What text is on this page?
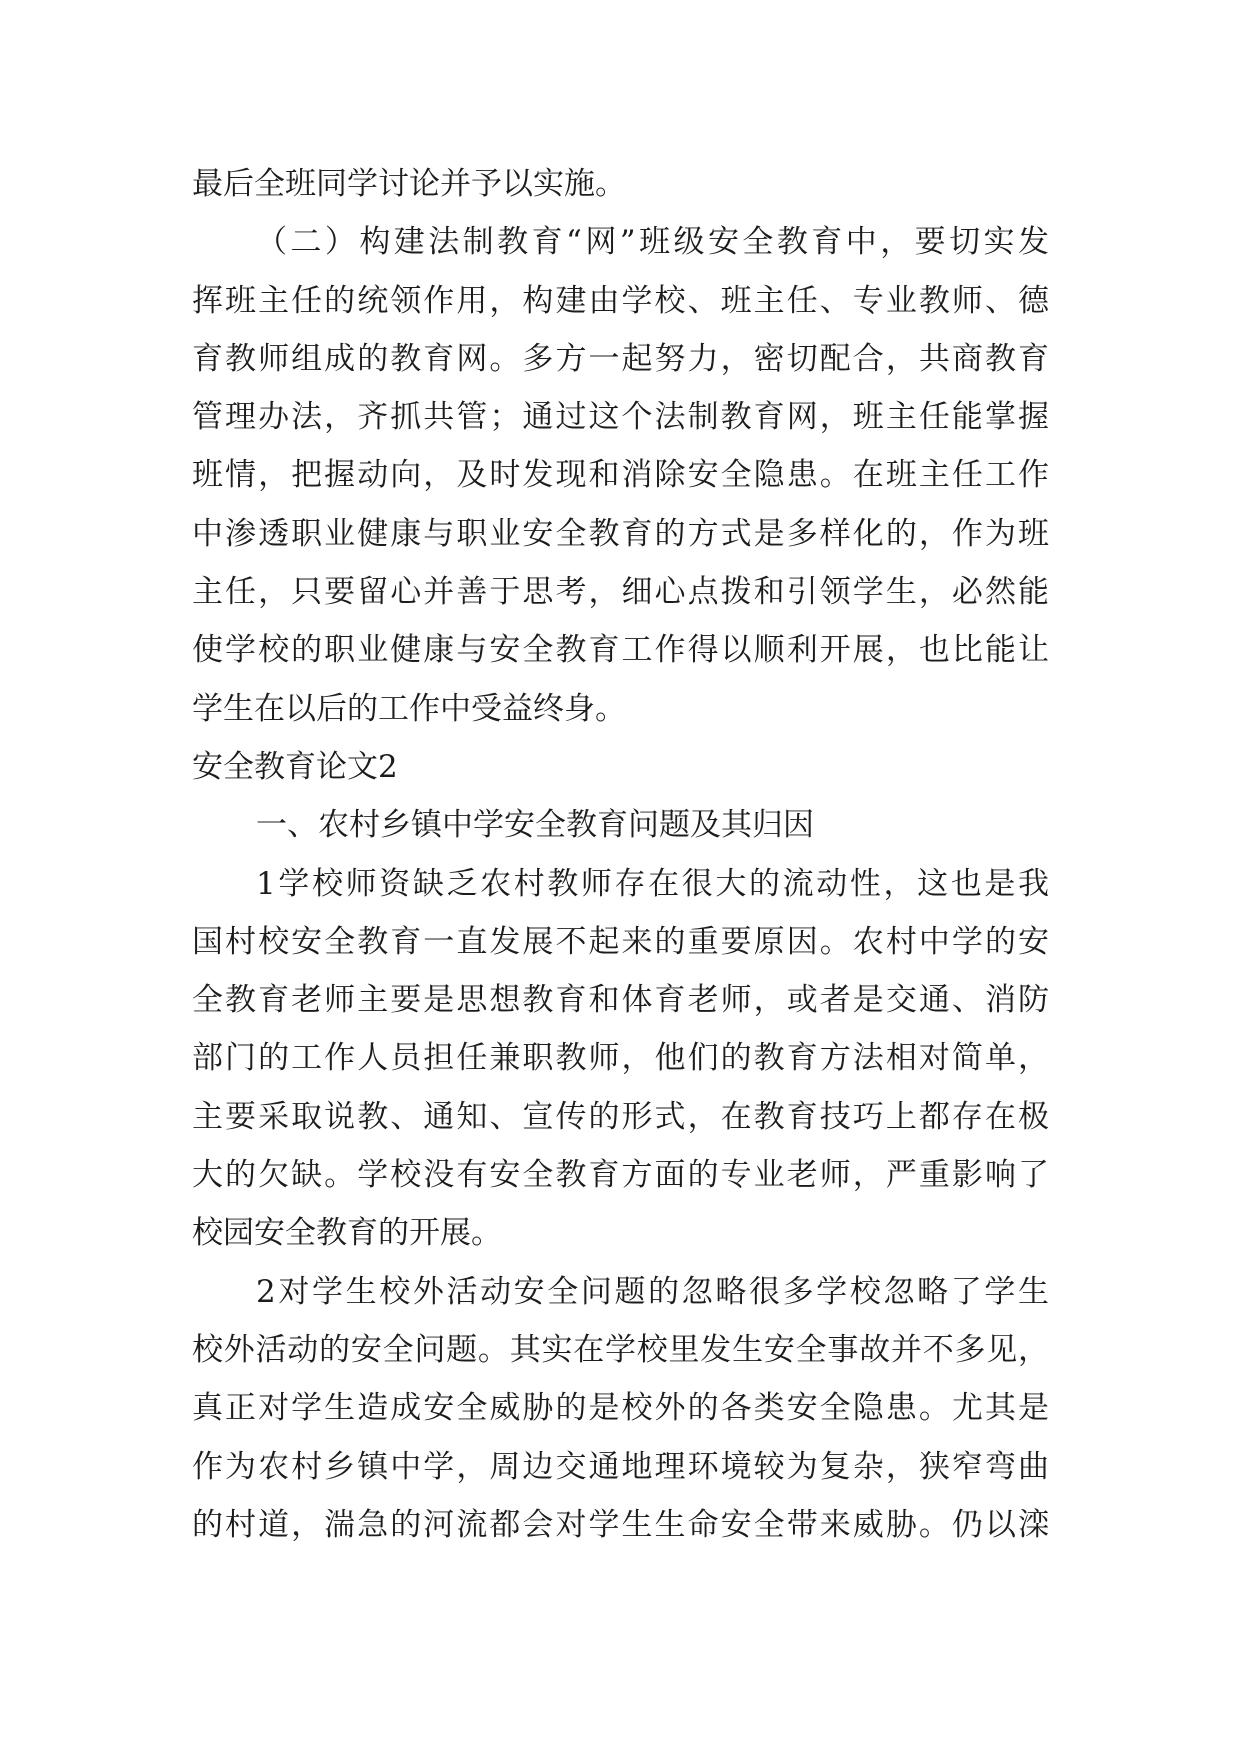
最后全班同学讨论并予以实施。
（二）构建法制教育“网”班级安全教育中，要切实发
挥班主任的统领作用，构建由学校、班主任、专业教师、德
育教师组成的教育网。多方一起努力，密切配合，共商教育
管理办法，齐抓共管；通过这个法制教育网，班主任能掌握
班情，把握动向，及时发现和消除安全隐患。在班主任工作
中渗透职业健康与职业安全教育的方式是多样化的，作为班
主任，只要留心并善于思考，细心点拨和引领学生，必然能
使学校的职业健康与安全教育工作得以顺利开展，也比能让
学生在以后的工作中受益终身。
安全教育论文2
一、农村乡镇中学安全教育问题及其归因
1学校师资缺乏农村教师存在很大的流动性，这也是我
国村校安全教育一直发展不起来的重要原因。农村中学的安
全教育老师主要是思想教育和体育老师，或者是交通、消防
部门的工作人员担任兼职教师，他们的教育方法相对简单，
主要采取说教、通知、宣传的形式，在教育技巧上都存在极
大的欠缺。学校没有安全教育方面的专业老师，严重影响了
校园安全教育的开展。
2对学生校外活动安全问题的忽略很多学校忽略了学生
校外活动的安全问题。其实在学校里发生安全事故并不多见，
真正对学生造成安全威胁的是校外的各类安全隐患。尤其是
作为农村乡镇中学，周边交通地理环境较为复杂，狭窄弯曲
的村道，湍急的河流都会对学生生命安全带来威胁。仍以滦
